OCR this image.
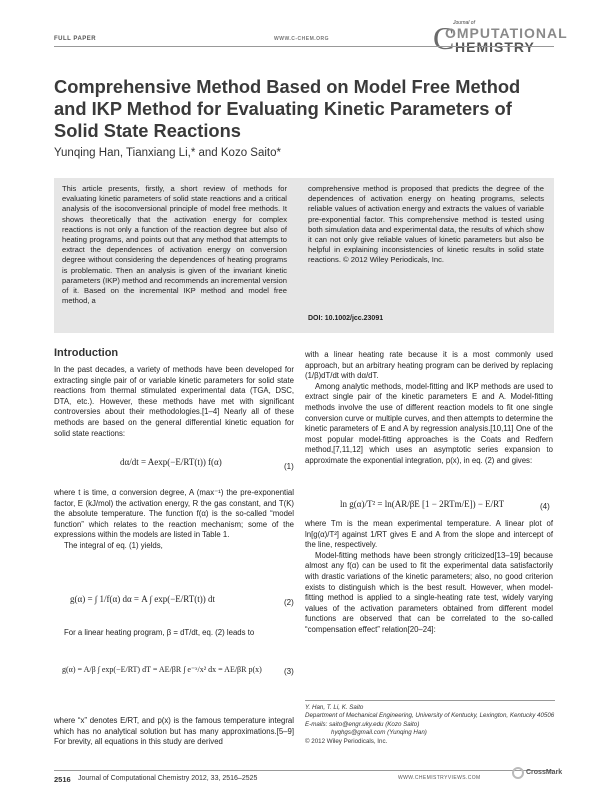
FULL PAPER	WWW.C-CHEM.ORG	C
Journal of
OMPUTATIONAL
HEMISTRY
Comprehensive Method Based on Model Free Method and IKP Method for Evaluating Kinetic Parameters of Solid State Reactions
Yunqing Han, Tianxiang Li,* and Kozo Saito*
This article presents, firstly, a short review of methods for evaluating kinetic parameters of solid state reactions and a critical analysis of the isoconversional principle of model free methods. It shows theoretically that the activation energy for complex reactions is not only a function of the reaction degree but also of heating programs, and points out that any method that attempts to extract the dependences of activation energy on conversion degree without considering the dependences of heating programs is problematic. Then an analysis is given of the invariant kinetic parameters (IKP) method and recommends an incremental version of it. Based on the incremental IKP method and model free method, a
comprehensive method is proposed that predicts the degree of the dependences of activation energy on heating programs, selects reliable values of activation energy and extracts the values of variable pre-exponential factor. This comprehensive method is tested using both simulation data and experimental data, the results of which show it can not only give reliable values of kinetic parameters but also be helpful in explaining inconsistencies of kinetic results in solid state reactions. © 2012 Wiley Periodicals, Inc.
DOI: 10.1002/jcc.23091
Introduction

In the past decades, a variety of methods have been developed for extracting single pair of or variable kinetic parameters for solid state reactions from thermal stimulated experimental data (TGA, DSC, DTA, etc.). However, these methods have met with significant controversies about their methodologies.[1–4] Nearly all of these methods are based on the general differential kinetic equation for solid state reactions:

dα/dt = Aexp(−E/RT(t)) f(α)	(1)

where t is time, α conversion degree, A (max⁻¹) the pre-exponential factor, E (kJ/mol) the activation energy, R the gas constant, and T(K) the absolute temperature. The function f(α) is the so-called “model function” which relates to the reaction mechanism; some of the expressions within the models are listed in Table 1.

The integral of eq. (1) yields,

g(α) = ∫ 1/f(α) dα = A ∫ exp(−E/RT(t)) dt	(2)

For a linear heating program, β = dT/dt, eq. (2) leads to

g(α) = A/β ∫ exp(−E/RT) dT = AE/βR ∫ e⁻ˣ/x² dx = AE/βR p(x)	(3)

where “x” denotes E/RT, and p(x) is the famous temperature integral which has no analytical solution but has many approximations.[5–9] For brevity, all equations in this study are derived

with a linear heating rate because it is a most commonly used approach, but an arbitrary heating program can be derived by replacing (1/β)dT/dt with dα/dT.

Among analytic methods, model-fitting and IKP methods are used to extract single pair of the kinetic parameters E and A. Model-fitting methods involve the use of different reaction models to fit one single conversion curve or multiple curves, and then attempts to determine the kinetic parameters of E and A by regression analysis.[10,11] One of the most popular model-fitting approaches is the Coats and Redfern method,[7,11,12] which uses an asymptotic series expansion to approximate the exponential integration, p(x), in eq. (2) and gives:

ln g(α)/T² = ln(AR/βE [1 − 2RTm/E]) − E/RT	(4)

where Tm is the mean experimental temperature. A linear plot of ln[g(α)/T²] against 1/RT gives E and A from the slope and intercept of the line, respectively.

Model-fitting methods have been strongly criticized[13–19] because almost any f(α) can be used to fit the experimental data satisfactorily with drastic variations of the kinetic parameters; also, no good criterion exists to distinguish which is the best result. However, when model-fitting method is applied to a single-heating rate test, widely varying values of the activation parameters obtained from different model functions are observed that can be correlated to the so-called “compensation effect” relation[20–24]:

Y. Han, T. Li, K. Saito
Department of Mechanical Engineering, University of Kentucky, Lexington, Kentucky 40506
E-mails: saito@engr.uky.edu (Kozo Saito)
hyqhgs@gmail.com (Yunqing Han)
© 2012 Wiley Periodicals, Inc.
2516 Journal of Computational Chemistry 2012, 33, 2516–2525	WWW.CHEMISTRYVIEWS.COM
CrossMark
